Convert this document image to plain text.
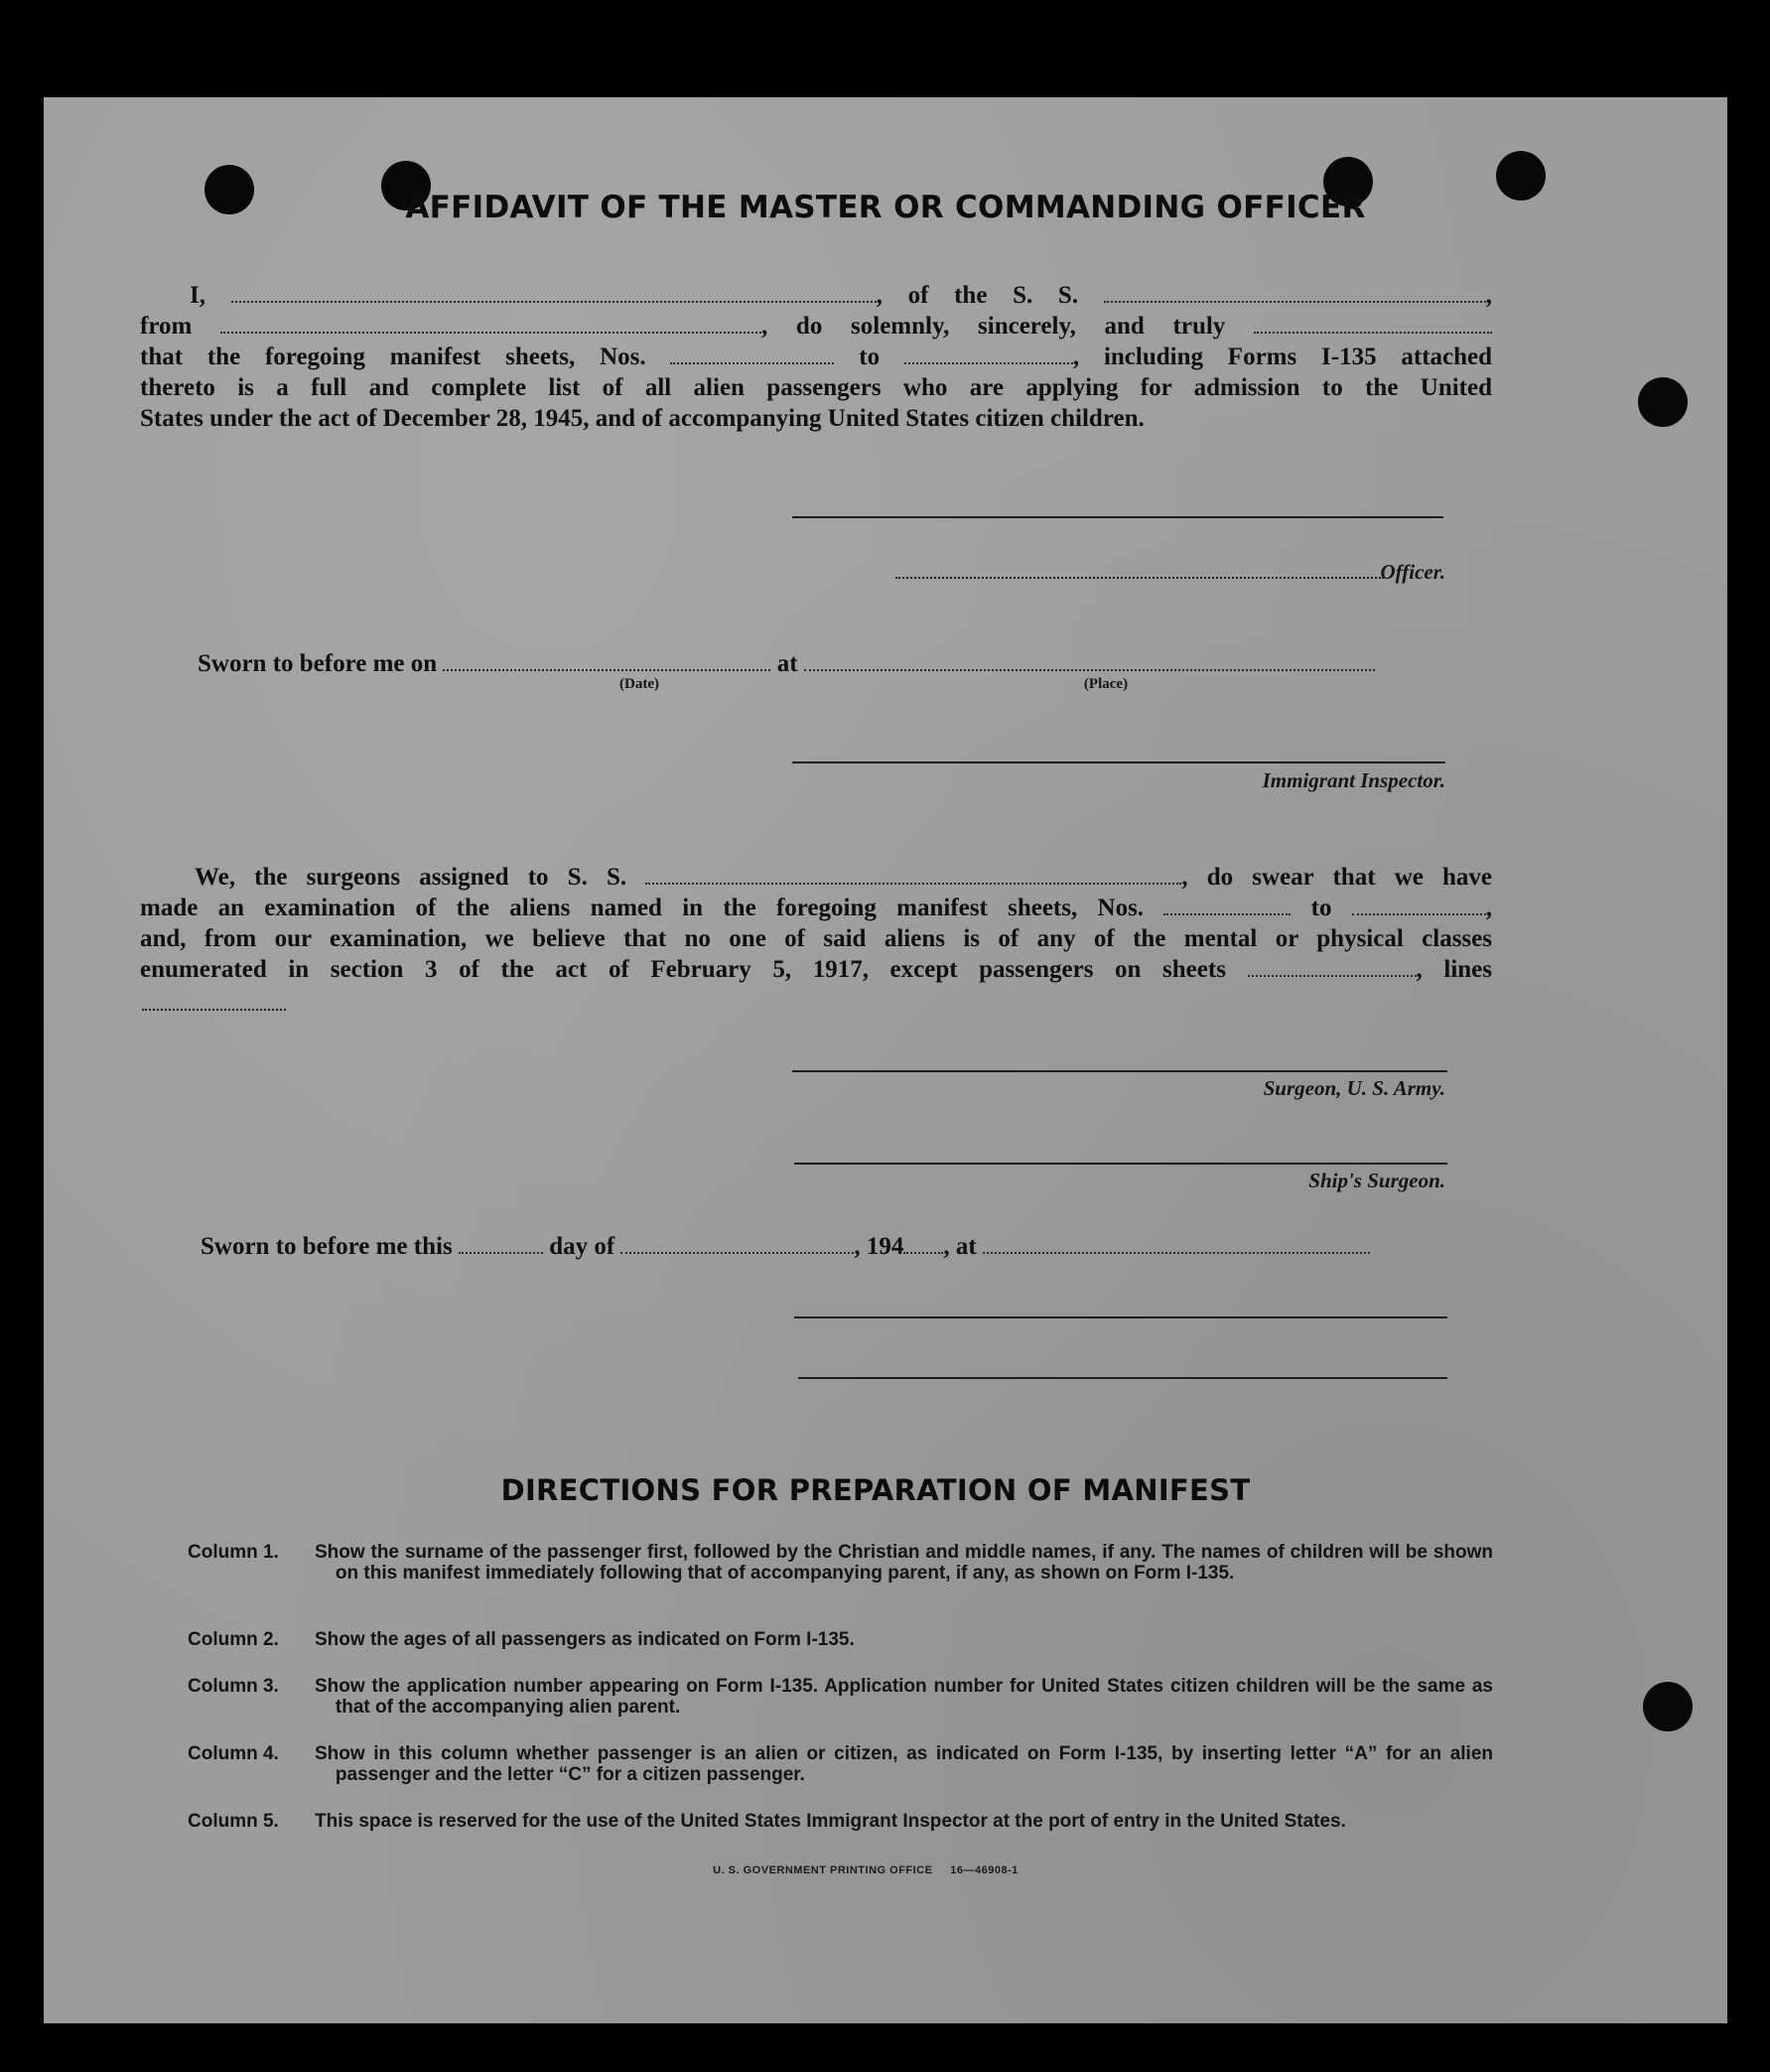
AFFIDAVIT OF THE MASTER OR COMMANDING OFFICER

I,	, of the S. S.	,

from	, do solemnly, sincerely, and truly

that the foregoing manifest sheets, Nos.	to	, including Forms I-135 attached

thereto is a full and complete list of all alien passengers who are applying for admission to the United

States under the act of December 28, 1945, and of accompanying United States citizen children.

Officer.

Sworn to before me on	at

(Date)	(Place)
Immigrant Inspector.

We, the surgeons assigned to S. S.	, do swear that we have

made an examination of the aliens named in the foregoing manifest sheets, Nos.	to	,

and, from our examination, we believe that no one of said aliens is of any of the mental or physical classes

enumerated in section 3 of the act of February 5, 1917, except passengers on sheets	, lines

Surgeon, U. S. Army.
Ship's Surgeon.

Sworn to before me this	day of	, 194 , at

DIRECTIONS FOR PREPARATION OF MANIFEST
Column 1.	Show the surname of the passenger first, followed by the Christian and middle names, if any. The names of children will be shown on this manifest immediately following that of accompanying parent, if any, as shown on Form I-135.
Column 2.	Show the ages of all passengers as indicated on Form I-135.
Column 3.	Show the application number appearing on Form I-135. Application number for United States citizen children will be the same as that of the accompanying alien parent.
Column 4.	Show in this column whether passenger is an alien or citizen, as indicated on Form I-135, by inserting letter “A” for an alien passenger and the letter “C” for a citizen passenger.
Column 5.	This space is reserved for the use of the United States Immigrant Inspector at the port of entry in the United States.
U. S. GOVERNMENT PRINTING OFFICE     16—46908-1
